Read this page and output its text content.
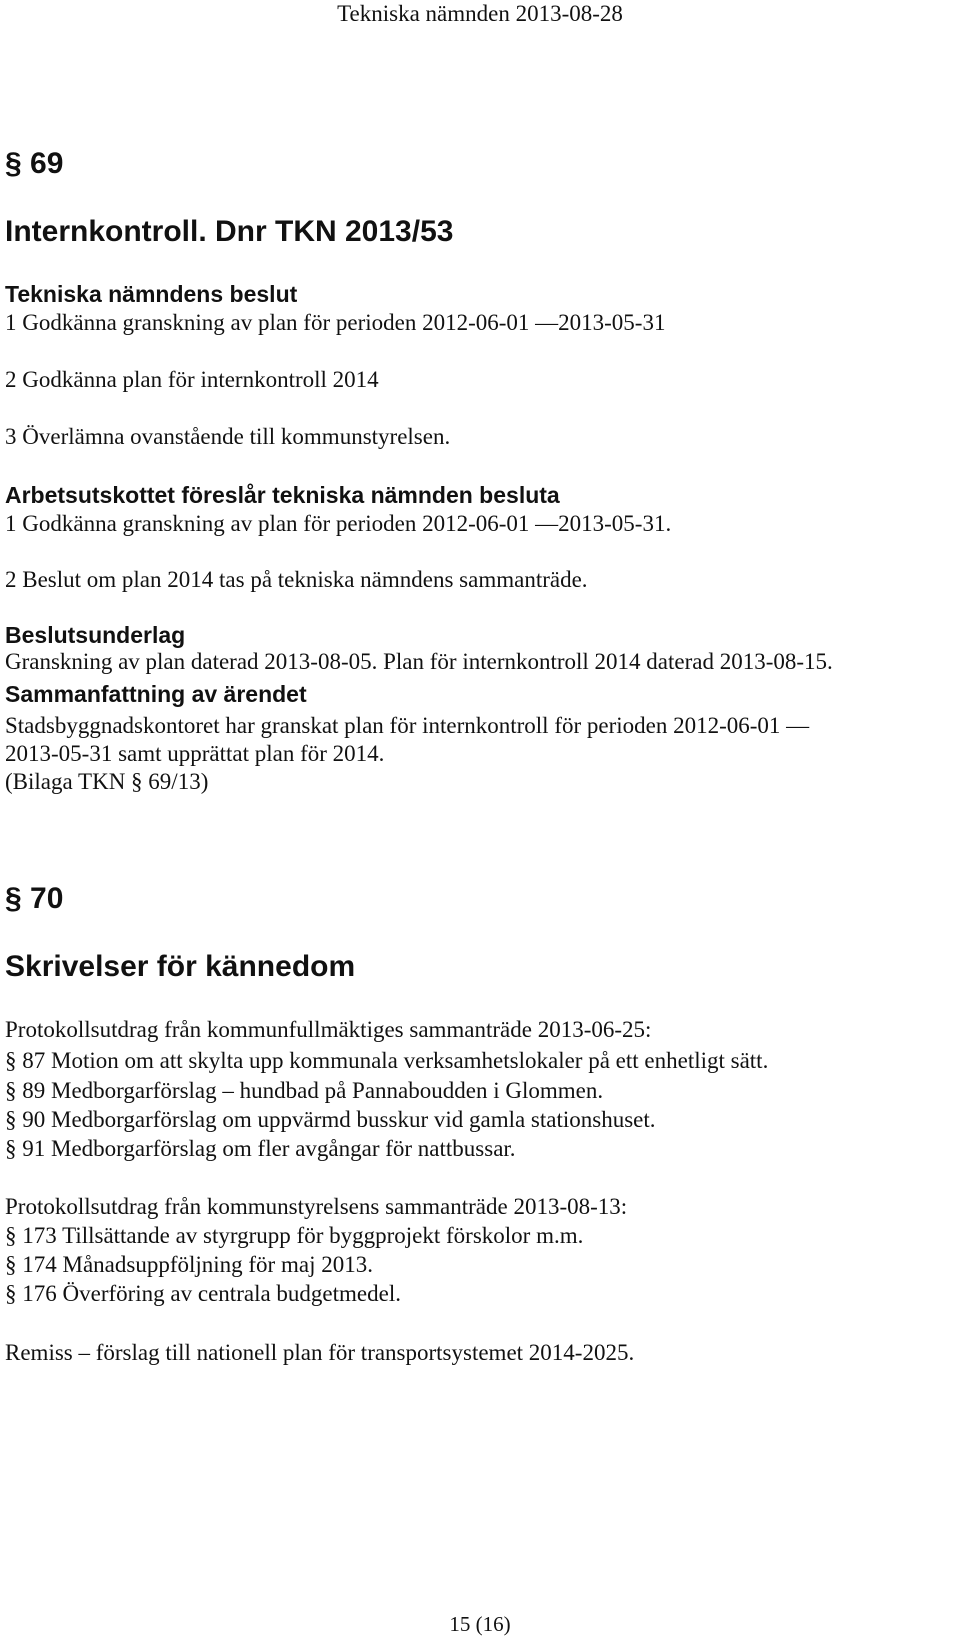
Tekniska nämnden 2013-08-28
§ 69
Internkontroll. Dnr TKN 2013/53
Tekniska nämndens beslut
1 Godkänna granskning av plan för perioden 2012-06-01 —2013-05-31
2 Godkänna plan för internkontroll 2014
3 Överlämna ovanstående till kommunstyrelsen.
Arbetsutskottet föreslår tekniska nämnden besluta
1 Godkänna granskning av plan för perioden 2012-06-01 —2013-05-31.
2 Beslut om plan 2014 tas på tekniska nämndens sammanträde.
Beslutsunderlag
Granskning av plan daterad 2013-08-05. Plan för internkontroll 2014 daterad 2013-08-15.
Sammanfattning av ärendet
Stadsbyggnadskontoret har granskat plan för internkontroll för perioden 2012-06-01 —
2013-05-31 samt upprättat plan för 2014.
(Bilaga TKN § 69/13)
§ 70
Skrivelser för kännedom
Protokollsutdrag från kommunfullmäktiges sammanträde 2013-06-25:
§ 87 Motion om att skylta upp kommunala verksamhetslokaler på ett enhetligt sätt.
§ 89 Medborgarförslag – hundbad på Pannaboudden i Glommen.
§ 90 Medborgarförslag om uppvärmd busskur vid gamla stationshuset.
§ 91 Medborgarförslag om fler avgångar för nattbussar.
Protokollsutdrag från kommunstyrelsens sammanträde 2013-08-13:
§ 173 Tillsättande av styrgrupp för byggprojekt förskolor m.m.
§ 174 Månadsuppföljning för maj 2013.
§ 176 Överföring av centrala budgetmedel.
Remiss – förslag till nationell plan för transportsystemet 2014-2025.
15 (16)
